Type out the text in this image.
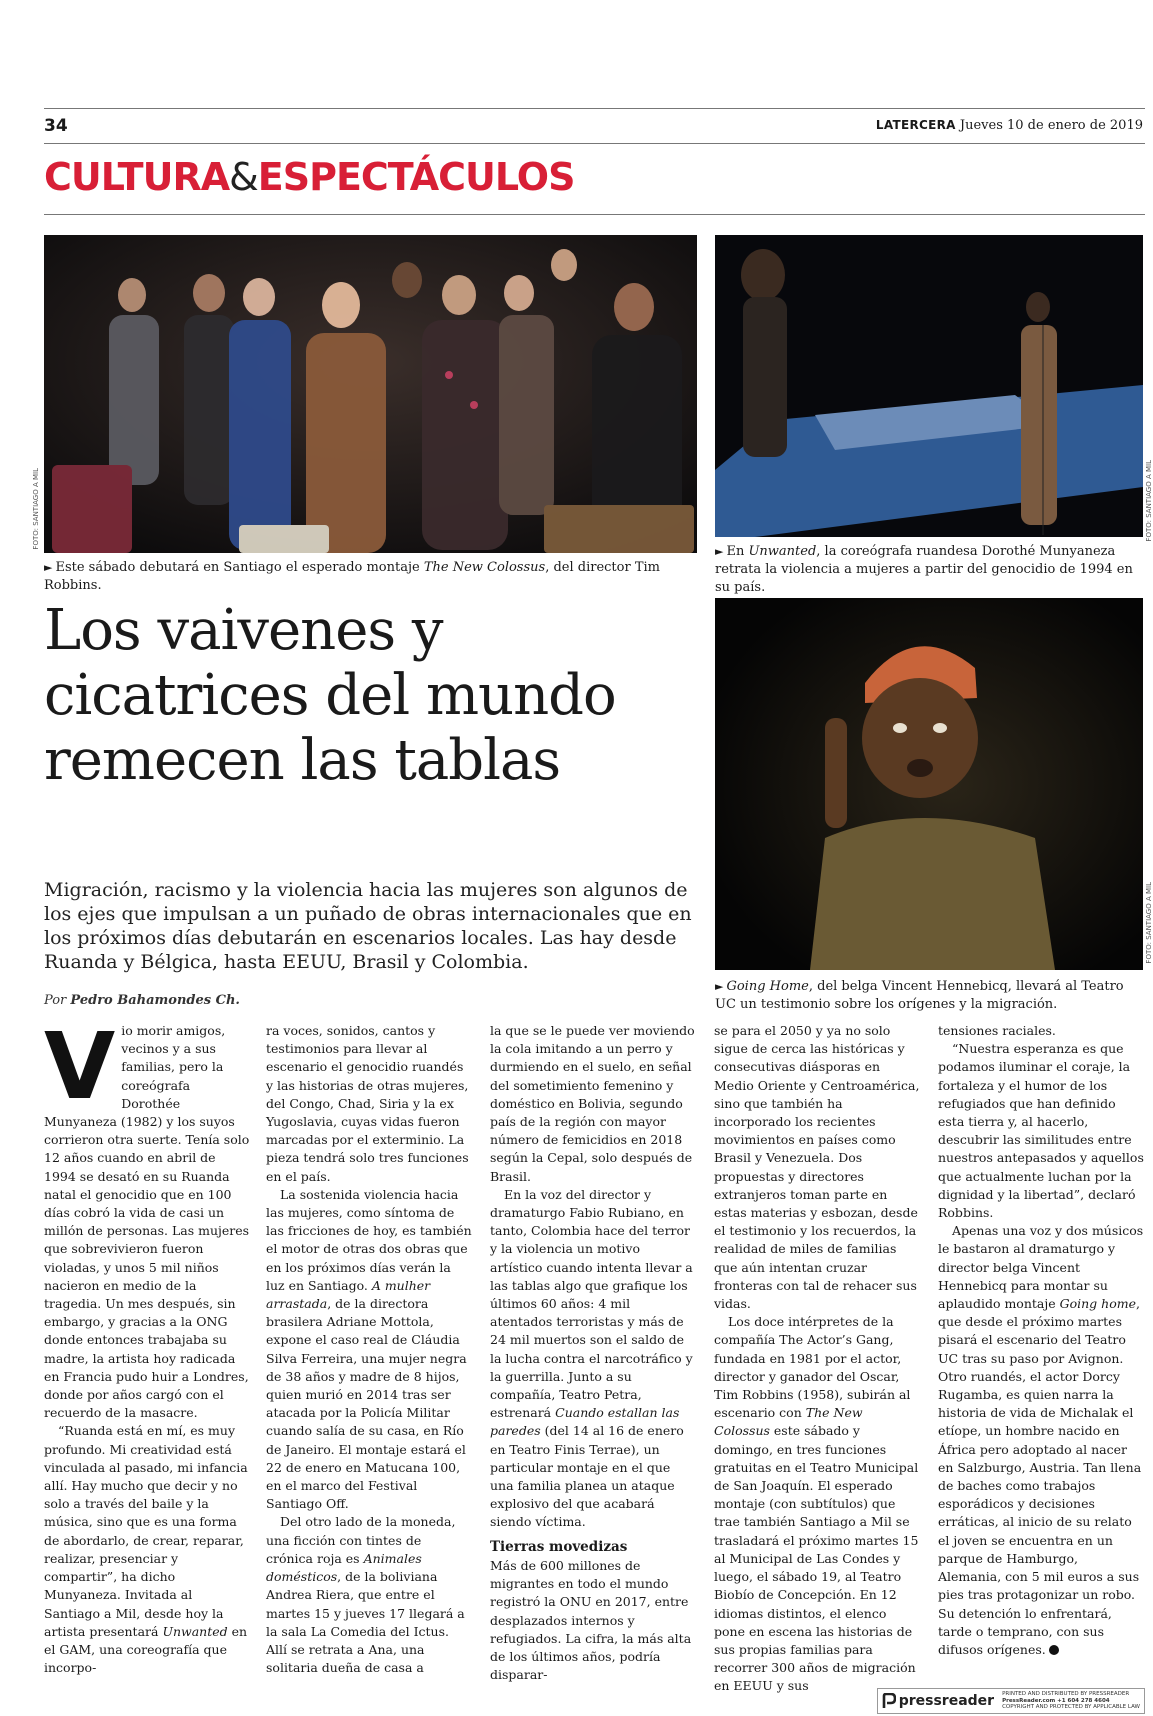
34	LATERCERA Jueves 10 de enero de 2019
CULTURA&ESPECTÁCULOS
FOTO: SANTIAGO A MIL
► Este sábado debutará en Santiago el esperado montaje The New Colossus, del director Tim Robbins.
FOTO: SANTIAGO A MIL
► En Unwanted, la coreógrafa ruandesa Dorothé Munyaneza retrata la violencia a mujeres a partir del genocidio de 1994 en su país.
FOTO: SANTIAGO A MIL
► Going Home, del belga Vincent Hennebicq, llevará al Teatro UC un testimonio sobre los orígenes y la migración.
Los vaivenes y cicatrices del mundo remecen las tablas
Migración, racismo y la violencia hacia las mujeres son algunos de los ejes que impulsan a un puñado de obras internacionales que en los próximos días debutarán en escenarios locales. Las hay desde Ruanda y Bélgica, hasta EEUU, Brasil y Colombia.
Por Pedro Bahamondes Ch.
V io morir amigos, vecinos y a sus familias, pero la coreógrafa Dorothée Munyaneza (1982) y los suyos corrieron otra suerte. Tenía solo 12 años cuando en abril de 1994 se desató en su Ruanda natal el genocidio que en 100 días cobró la vida de casi un millón de personas. Las mujeres que sobrevivieron fueron violadas, y unos 5 mil niños nacieron en medio de la tragedia. Un mes después, sin embargo, y gracias a la ONG donde entonces trabajaba su madre, la artista hoy radicada en Francia pudo huir a Londres, donde por años cargó con el recuerdo de la masacre.

“Ruanda está en mí, es muy profundo. Mi creatividad está vinculada al pasado, mi infancia allí. Hay mucho que decir y no solo a través del baile y la música, sino que es una forma de abordarlo, de crear, reparar, realizar, presenciar y compartir”, ha dicho Munyaneza. Invitada al Santiago a Mil, desde hoy la artista presentará Unwanted en el GAM, una coreografía que incorpo-

ra voces, sonidos, cantos y testimonios para llevar al escenario el genocidio ruandés y las historias de otras mujeres, del Congo, Chad, Siria y la ex Yugoslavia, cuyas vidas fueron marcadas por el exterminio. La pieza tendrá solo tres funciones en el país.

La sostenida violencia hacia las mujeres, como síntoma de las fricciones de hoy, es también el motor de otras dos obras que en los próximos días verán la luz en Santiago. A mulher arrastada, de la directora brasilera Adriane Mottola, expone el caso real de Cláudia Silva Ferreira, una mujer negra de 38 años y madre de 8 hijos, quien murió en 2014 tras ser atacada por la Policía Militar cuando salía de su casa, en Río de Janeiro. El montaje estará el 22 de enero en Matucana 100, en el marco del Festival Santiago Off.

Del otro lado de la moneda, una ficción con tintes de crónica roja es Animales domésticos, de la boliviana Andrea Riera, que entre el martes 15 y jueves 17 llegará a la sala La Comedia del Ictus. Allí se retrata a Ana, una solitaria dueña de casa a

la que se le puede ver moviendo la cola imitando a un perro y durmiendo en el suelo, en señal del sometimiento femenino y doméstico en Bolivia, segundo país de la región con mayor número de femicidios en 2018 según la Cepal, solo después de Brasil.

En la voz del director y dramaturgo Fabio Rubiano, en tanto, Colombia hace del terror y la violencia un motivo artístico cuando intenta llevar a las tablas algo que grafique los últimos 60 años: 4 mil atentados terroristas y más de 24 mil muertos son el saldo de la lucha contra el narcotráfico y la guerrilla. Junto a su compañía, Teatro Petra, estrenará Cuando estallan las paredes (del 14 al 16 de enero en Teatro Finis Terrae), un particular montaje en el que una familia planea un ataque explosivo del que acabará siendo víctima.

Tierras movedizas

Más de 600 millones de migrantes en todo el mundo registró la ONU en 2017, entre desplazados internos y refugiados. La cifra, la más alta de los últimos años, podría disparar-

se para el 2050 y ya no solo sigue de cerca las históricas y consecutivas diásporas en Medio Oriente y Centroamérica, sino que también ha incorporado los recientes movimientos en países como Brasil y Venezuela. Dos propuestas y directores extranjeros toman parte en estas materias y esbozan, desde el testimonio y los recuerdos, la realidad de miles de familias que aún intentan cruzar fronteras con tal de rehacer sus vidas.

Los doce intérpretes de la compañía The Actor’s Gang, fundada en 1981 por el actor, director y ganador del Oscar, Tim Robbins (1958), subirán al escenario con The New Colossus este sábado y domingo, en tres funciones gratuitas en el Teatro Municipal de San Joaquín. El esperado montaje (con subtítulos) que trae también Santiago a Mil se trasladará el próximo martes 15 al Municipal de Las Condes y luego, el sábado 19, al Teatro Biobío de Concepción. En 12 idiomas distintos, el elenco pone en escena las historias de sus propias familias para recorrer 300 años de migración en EEUU y sus

tensiones raciales.

“Nuestra esperanza es que podamos iluminar el coraje, la fortaleza y el humor de los refugiados que han definido esta tierra y, al hacerlo, descubrir las similitudes entre nuestros antepasados y aquellos que actualmente luchan por la dignidad y la libertad”, declaró Robbins.

Apenas una voz y dos músicos le bastaron al dramaturgo y director belga Vincent Hennebicq para montar su aplaudido montaje Going home, que desde el próximo martes pisará el escenario del Teatro UC tras su paso por Avignon. Otro ruandés, el actor Dorcy Rugamba, es quien narra la historia de vida de Michalak el etíope, un hombre nacido en África pero adoptado al nacer en Salzburgo, Austria. Tan llena de baches como trabajos esporádicos y decisiones erráticas, al inicio de su relato el joven se encuentra en un parque de Hamburgo, Alemania, con 5 mil euros a sus pies tras protagonizar un robo. Su detención lo enfrentará, tarde o temprano, con sus difusos orígenes.

pressreader PRINTED AND DISTRIBUTED BY PRESSREADER
PressReader.com +1 604 278 4604
COPYRIGHT AND PROTECTED BY APPLICABLE LAW
